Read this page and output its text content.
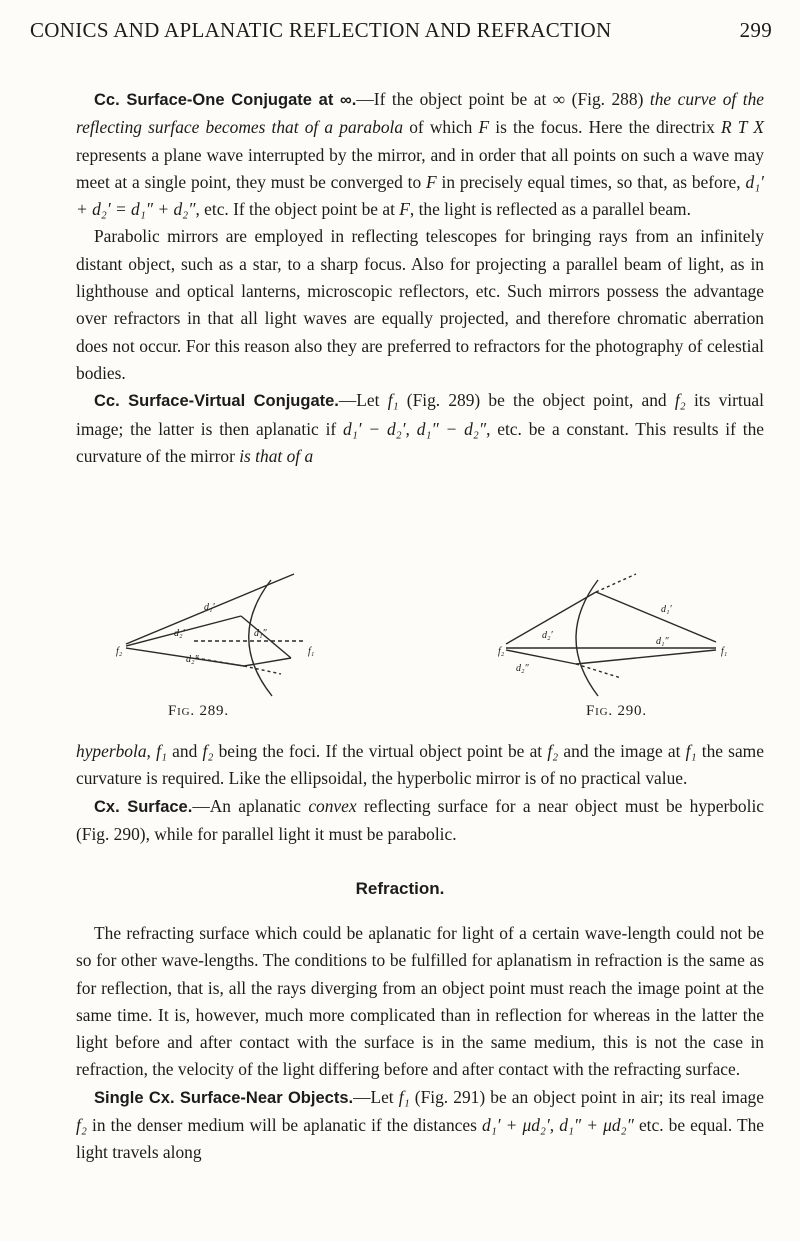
CONICS AND APLANATIC REFLECTION AND REFRACTION	299

Cc. Surface-One Conjugate at ∞.—If the object point be at ∞ (Fig. 288) the curve of the reflecting surface becomes that of a parabola of which F is the focus. Here the directrix R T X represents a plane wave interrupted by the mirror, and in order that all points on such a wave may meet at a single point, they must be converged to F in precisely equal times, so that, as before, d₁′ + d₂′ = d₁″ + d₂″, etc. If the object point be at F, the light is reflected as a parallel beam.

Parabolic mirrors are employed in reflecting telescopes for bringing rays from an infinitely distant object, such as a star, to a sharp focus. Also for projecting a parallel beam of light, as in lighthouse and optical lanterns, microscopic reflectors, etc. Such mirrors possess the advantage over refractors in that all light waves are equally projected, and therefore chromatic aberration does not occur. For this reason also they are preferred to refractors for the photography of celestial bodies.

Cc. Surface-Virtual Conjugate.—Let f₁ (Fig. 289) be the object point, and f₂ its virtual image; the latter is then aplanatic if d₁′ − d₂′, d₁″ − d₂″, etc. be a constant. This results if the curvature of the mirror is that of a

f₂	f₁
d₁′
d₂′	d₁″
d₂″
f₂	f₁
d₁′
d₂′
d₁″
d₂″
Fig. 289.	Fig. 290.

hyperbola, f₁ and f₂ being the foci. If the virtual object point be at f₂ and the image at f₁ the same curvature is required. Like the ellipsoidal, the hyperbolic mirror is of no practical value.

Cx. Surface.—An aplanatic convex reflecting surface for a near object must be hyperbolic (Fig. 290), while for parallel light it must be parabolic.

Refraction.

The refracting surface which could be aplanatic for light of a certain wave-length could not be so for other wave-lengths. The conditions to be fulfilled for aplanatism in refraction is the same as for reflection, that is, all the rays diverging from an object point must reach the image point at the same time. It is, however, much more complicated than in reflection for whereas in the latter the light before and after contact with the surface is in the same medium, this is not the case in refraction, the velocity of the light differing before and after contact with the refracting surface.

Single Cx. Surface-Near Objects.—Let f₁ (Fig. 291) be an object point in air; its real image f₂ in the denser medium will be aplanatic if the distances d₁′ + μd₂′, d₁″ + μd₂″ etc. be equal. The light travels along
